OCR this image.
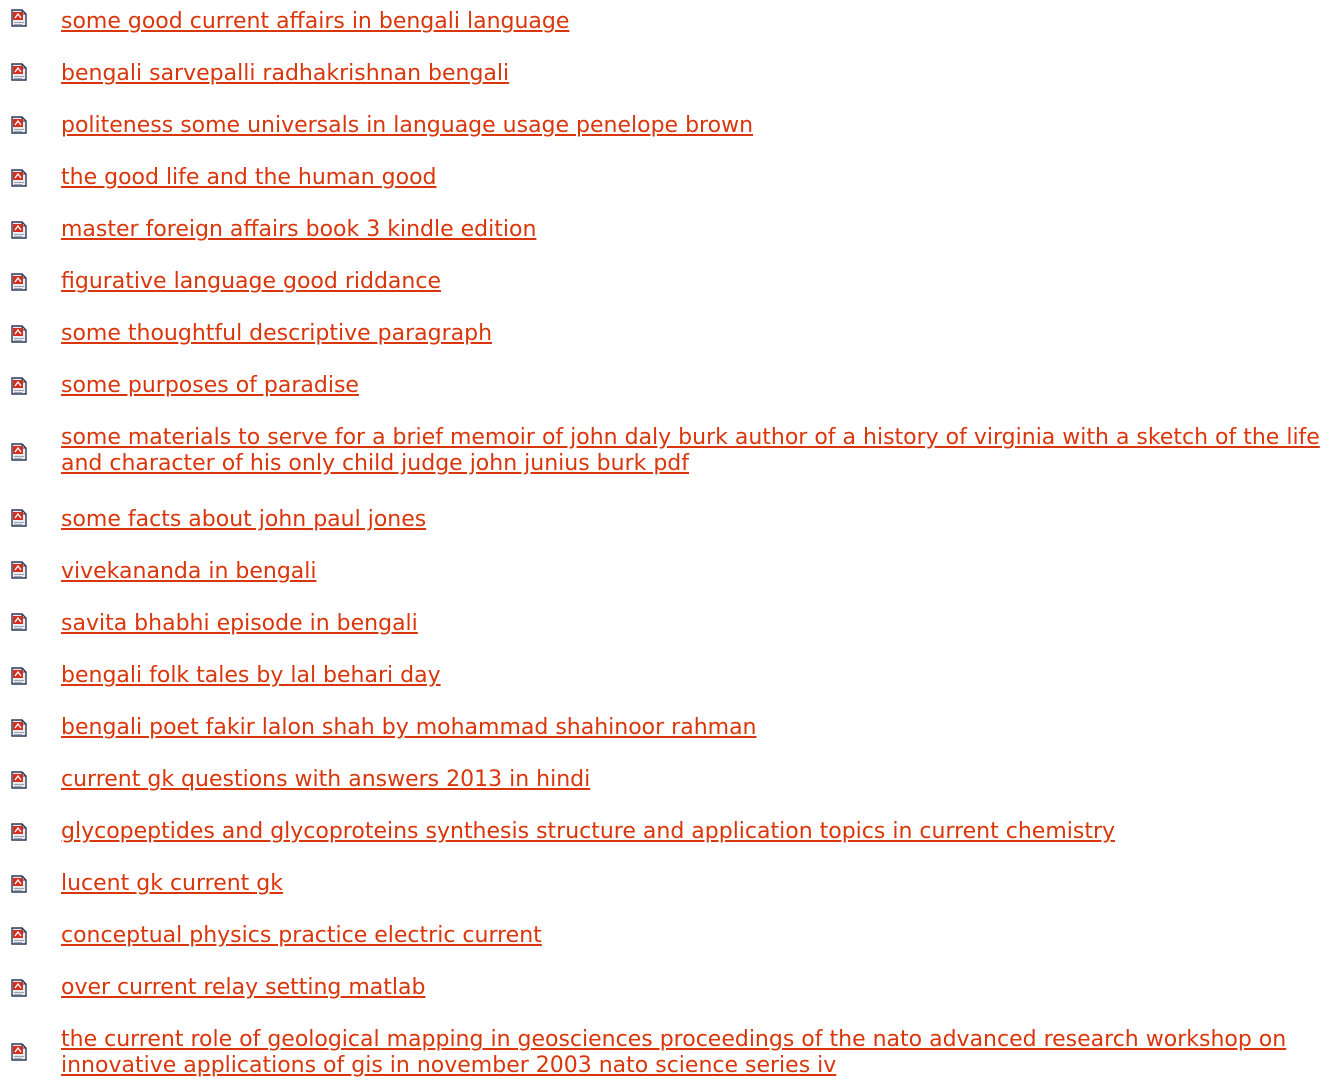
some good current affairs in bengali language
bengali sarvepalli radhakrishnan bengali
politeness some universals in language usage penelope brown
the good life and the human good
master foreign affairs book 3 kindle edition
figurative language good riddance
some thoughtful descriptive paragraph
some purposes of paradise
some materials to serve for a brief memoir of john daly burk author of a history of virginia with a sketch of the life and character of his only child judge john junius burk pdf
some facts about john paul jones
vivekananda in bengali
savita bhabhi episode in bengali
bengali folk tales by lal behari day
bengali poet fakir lalon shah by mohammad shahinoor rahman
current gk questions with answers 2013 in hindi
glycopeptides and glycoproteins synthesis structure and application topics in current chemistry
lucent gk current gk
conceptual physics practice electric current
over current relay setting matlab
the current role of geological mapping in geosciences proceedings of the nato advanced research workshop on innovative applications of gis in november 2003 nato science series iv
